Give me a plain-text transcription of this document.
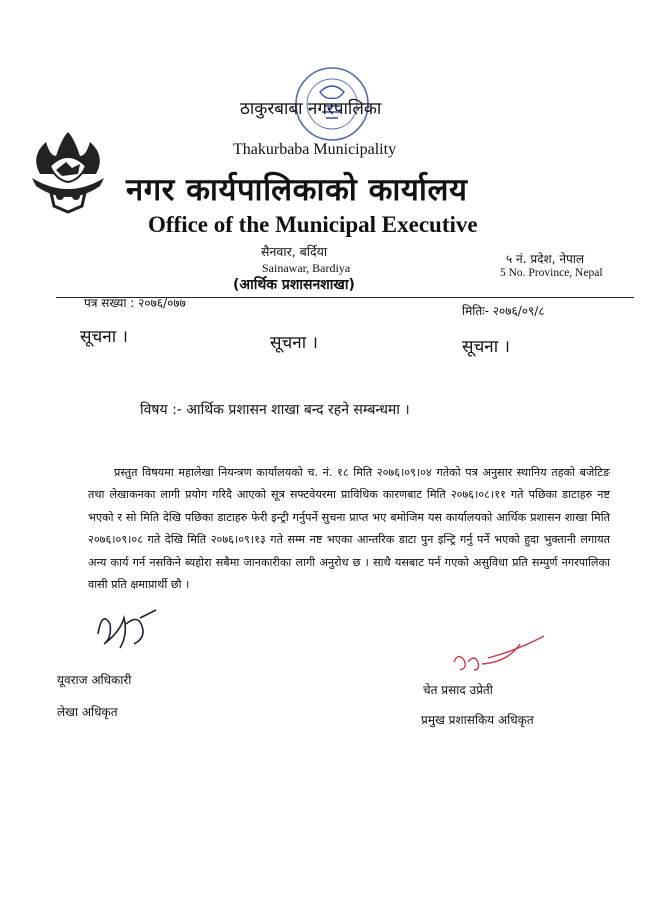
ठाकुरबाबा नगरपालिका
Thakurbaba Municipality
नगर कार्यपालिकाको कार्यालय
Office of the Municipal Executive
सैनवार, बर्दिया
Sainawar, Bardiya
५ नं. प्रदेश, नेपाल
5 No. Province, Nepal
(आर्थिक प्रशासनशाखा)
पत्र संख्या : २०७६/०७७
मितिः- २०७६/०९/८
सूचना ।	सूचना ।	सूचना ।
विषय :- आर्थिक प्रशासन शाखा बन्द रहने सम्बन्धमा ।
प्रस्तुत विषयमा महालेखा नियन्त्रण कार्यालयको च. नं. १८ मिति २०७६।०९।०४ गतेको पत्र अनुसार स्थानिय तहको बजेटिङ तथा लेखाकनका लागी प्रयोग गरिदै आएको सूत्र सफ्टवेयरमा प्राविधिक कारणबाट मिति २०७६।०८।११ गते पछिका डाटाहरु नष्ट भएको र सो मिति देखि पछिका डाटाहरु फेरी इन्ट्री गर्नुपर्ने सुचना प्राप्त भए बमोजिम यस कार्यालयको आर्थिक प्रशासन शाखा मिति २०७६।०९।०८ गते देखि मिति २०७६।०९।१३ गते सम्म नष्ट भएका आन्तरिक डाटा पुन इन्ट्रि गर्नु पर्ने भएको हुदा भुक्तानी लगायत अन्य कार्य गर्न नसकिने ब्यहोरा सबैमा जानकारीका लागी अनुरोध छ । साथै यसबाट पर्न गएको असुविधा प्रति सम्पुर्ण नगरपालिका वासी प्रति क्षमाप्रार्थी छौ ।
यूवराज अधिकारी
लेखा अधिकृत
चेत प्रसाद उप्रेती
प्रमुख प्रशासकिय अधिकृत
